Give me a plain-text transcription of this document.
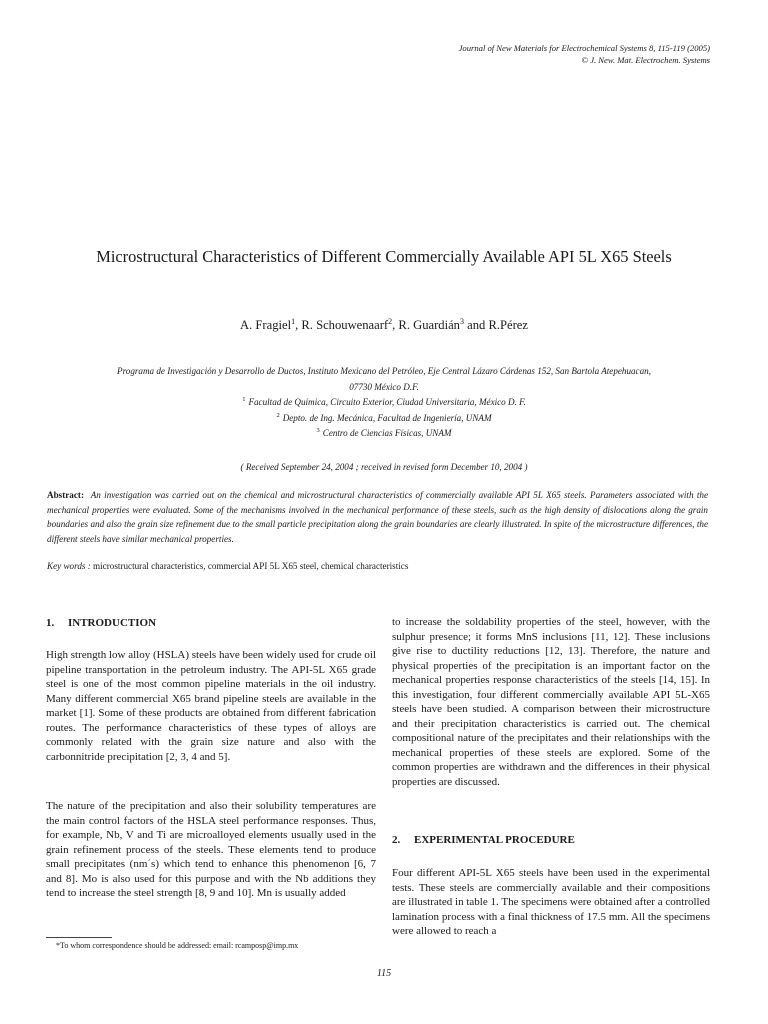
Journal of New Materials for Electrochemical Systems 8, 115-119 (2005)
© J. New. Mat. Electrochem. Systems
Microstructural Characteristics of Different Commercially Available API 5L X65 Steels
A. Fragiel$^1$, R. Schouwenaarf$^2$, R. Guardián$^3$ and R.Pérez
Programa de Investigación y Desarrollo de Ductos, Instituto Mexicano del Petróleo, Eje Central Lázaro Cárdenas 152, San Bartola Atepehuacan,
07730 México D.F.
$^1$ Facultad de Química, Circuito Exterior, Ciudad Universitaria, México D. F.
$^2$ Depto. de Ing. Mecánica, Facultad de Ingeniería, UNAM
$^3$ Centro de Ciencias Físicas, UNAM
( Received September 24, 2004 ; received in revised form December 10, 2004 )
Abstract: An investigation was carried out on the chemical and microstructural characteristics of commercially available API 5L X65 steels. Parameters associated with the mechanical properties were evaluated. Some of the mechanisms involved in the mechanical performance of these steels, such as the high density of dislocations along the grain boundaries and also the grain size refinement due to the small particle precipitation along the grain boundaries are clearly illustrated. In spite of the microstructure differences, the different steels have similar mechanical properties.
Key words : microstructural characteristics, commercial API 5L X65 steel, chemical characteristics
1. INTRODUCTION

High strength low alloy (HSLA) steels have been widely used for crude oil pipeline transportation in the petroleum industry. The API-5L X65 grade steel is one of the most common pipeline materials in the oil industry. Many different commercial X65 brand pipeline steels are available in the market [1]. Some of these products are obtained from different fabrication routes. The performance characteristics of these types of alloys are commonly related with the grain size nature and also with the carbonnitride precipitation [2, 3, 4 and 5].

The nature of the precipitation and also their solubility temperatures are the main control factors of the HSLA steel performance responses. Thus, for example, Nb, V and Ti are microalloyed elements usually used in the grain refinement process of the steels. These elements tend to produce small precipitates (nm´s) which tend to enhance this phenomenon [6, 7 and 8]. Mo is also used for this purpose and with the Nb additions they tend to increase the steel strength [8, 9 and 10]. Mn is usually added

to increase the soldability properties of the steel, however, with the sulphur presence; it forms MnS inclusions [11, 12]. These inclusions give rise to ductility reductions [12, 13]. Therefore, the nature and physical properties of the precipitation is an important factor on the mechanical properties response characteristics of the steels [14, 15]. In this investigation, four different commercially available API 5L-X65 steels have been studied. A comparison between their microstructure and their precipitation characteristics is carried out. The chemical compositional nature of the precipitates and their relationships with the mechanical properties of these steels are explored. Some of the common properties are withdrawn and the differences in their physical properties are discussed.

2. EXPERIMENTAL PROCEDURE

Four different API-5L X65 steels have been used in the experimental tests. These steels are commercially available and their compositions are illustrated in table 1. The specimens were obtained after a controlled lamination process with a final thickness of 17.5 mm. All the specimens were allowed to reach a

*To whom correspondence should be addressed: email: rcamposp@imp.mx
115
